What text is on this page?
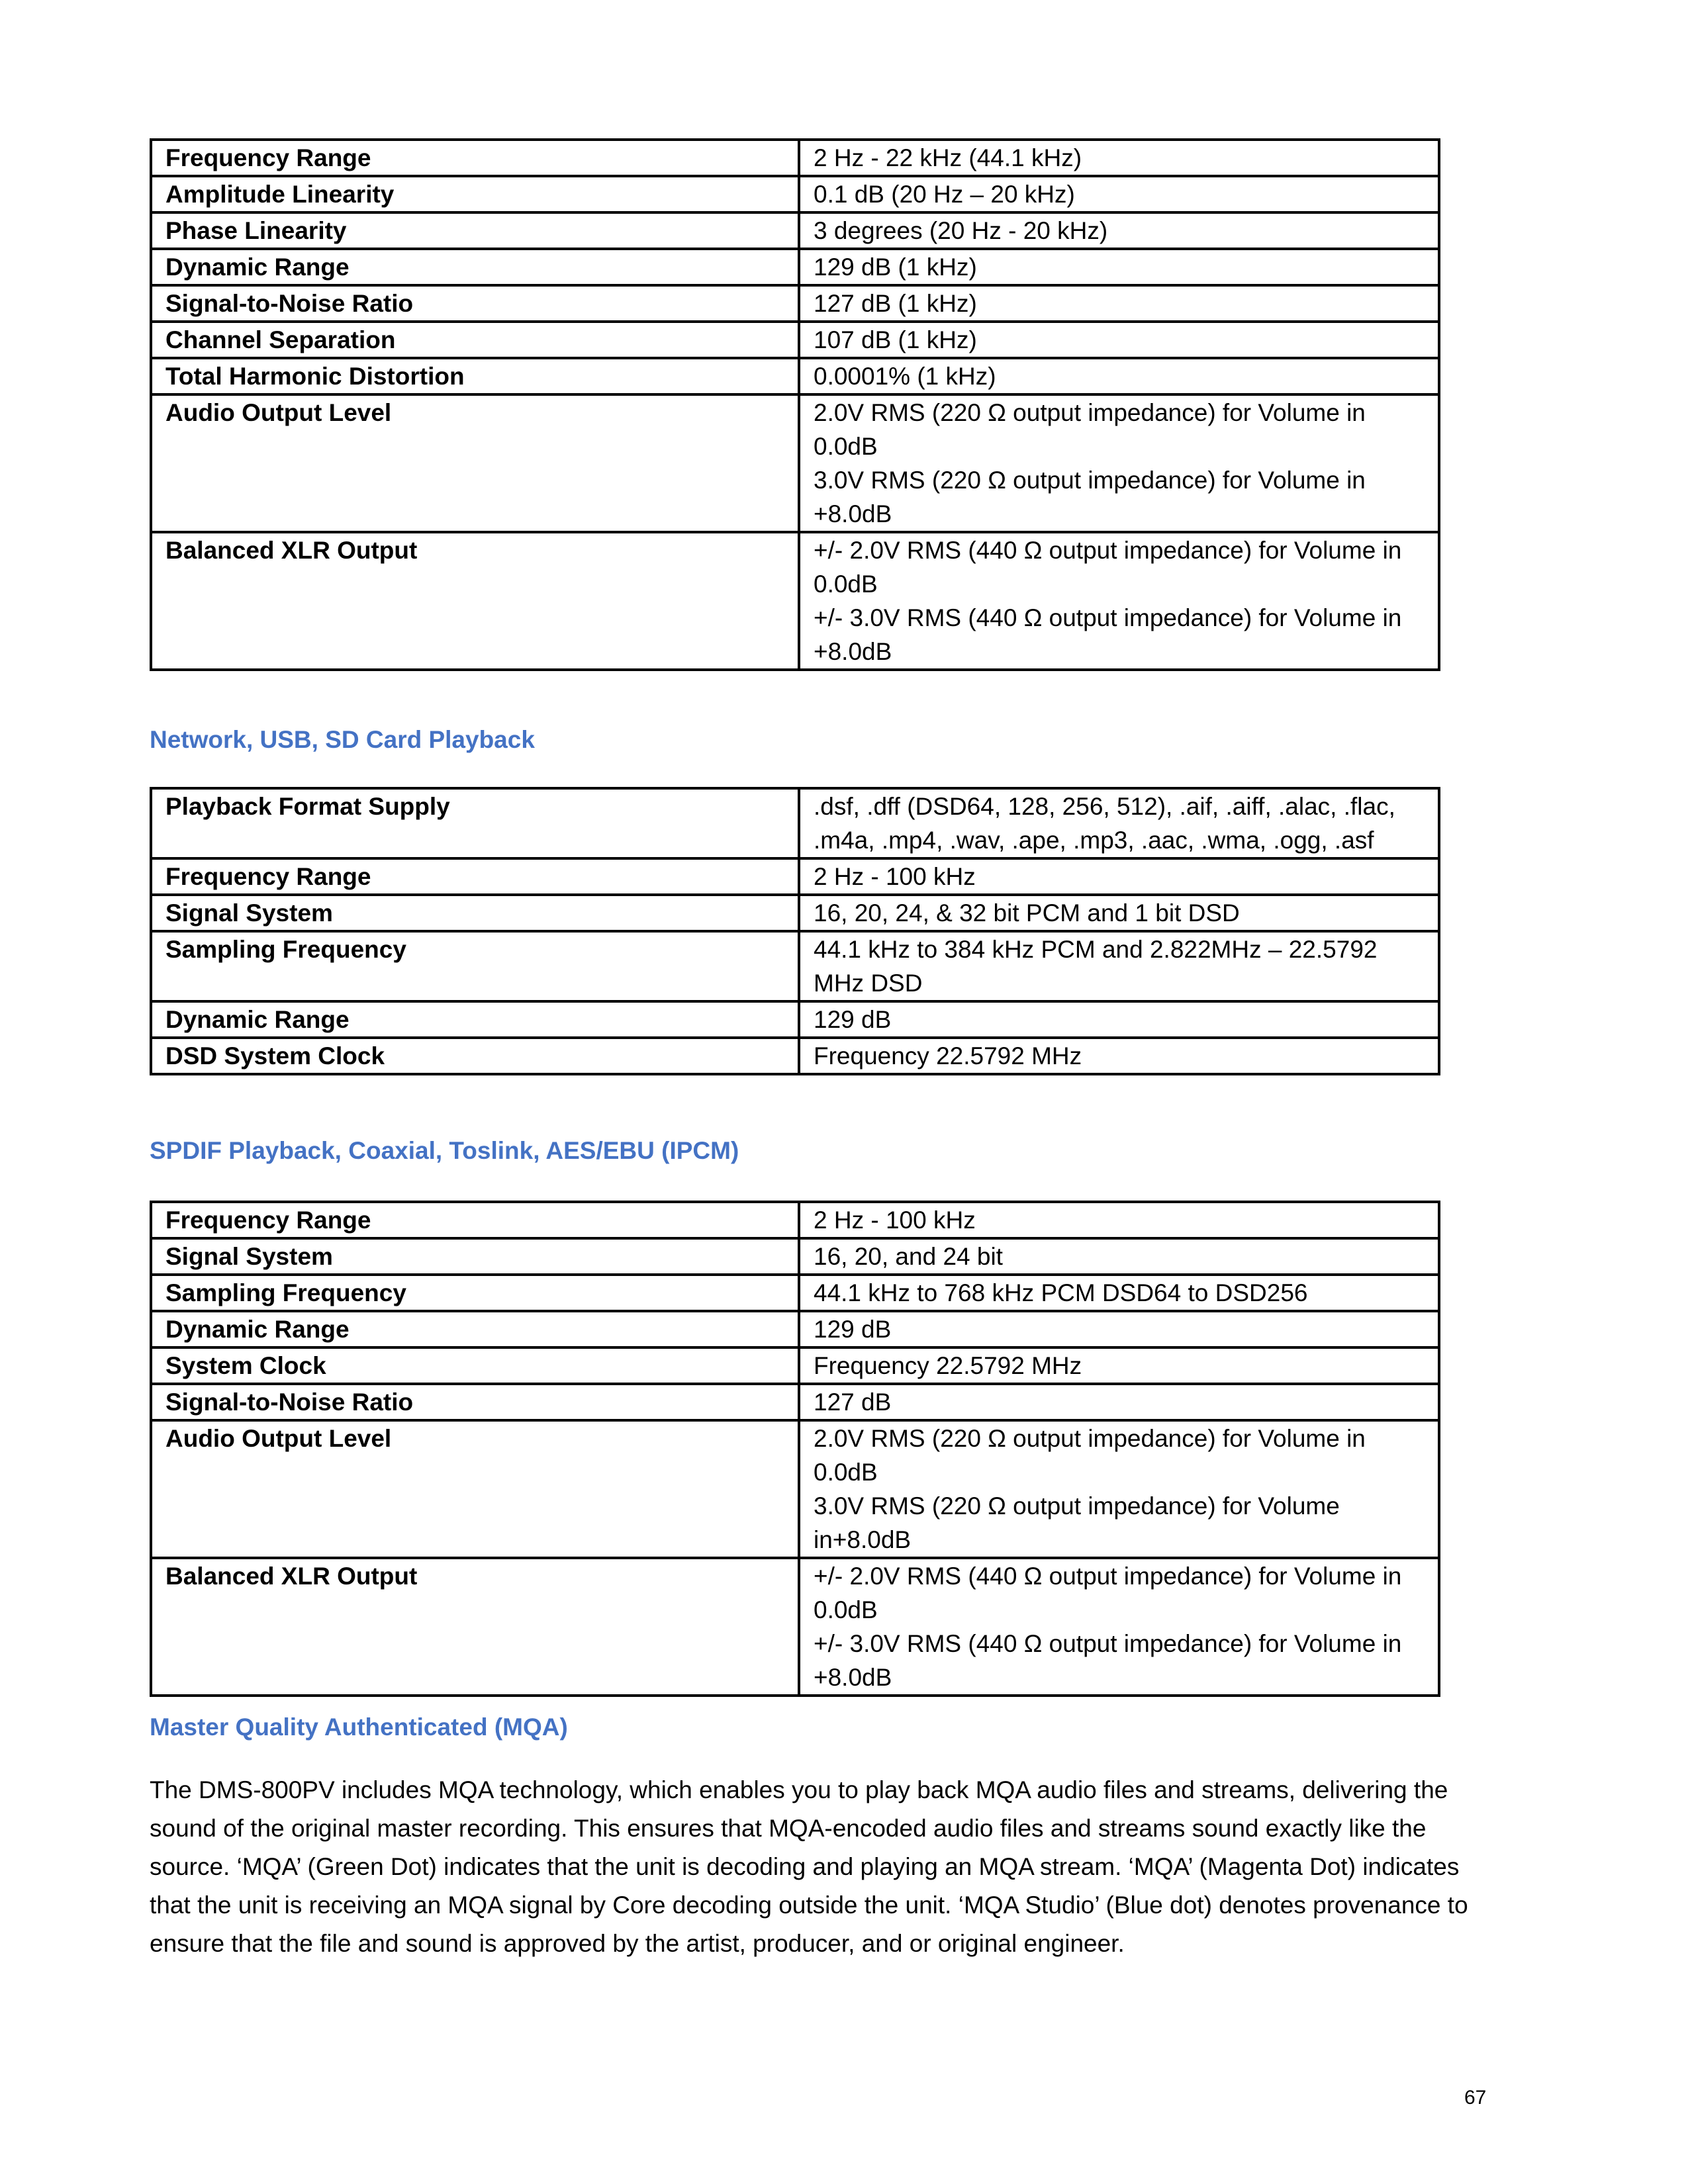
Frequency Range	2 Hz - 22 kHz (44.1 kHz)

Amplitude Linearity	0.1 dB (20 Hz – 20 kHz)

Phase Linearity	3 degrees (20 Hz - 20 kHz)

Dynamic Range	129 dB (1 kHz)

Signal-to-Noise Ratio	127 dB (1 kHz)

Channel Separation	107 dB (1 kHz)

Total Harmonic Distortion	0.0001% (1 kHz)

Audio Output Level	2.0V RMS (220 Ω output impedance) for Volume in
0.0dB
3.0V RMS (220 Ω output impedance) for Volume in
+8.0dB

Balanced XLR Output	+/- 2.0V RMS (440 Ω output impedance) for Volume in
0.0dB
+/- 3.0V RMS (440 Ω output impedance) for Volume in
+8.0dB
Network, USB, SD Card Playback
Playback Format Supply	.dsf, .dff (DSD64, 128, 256, 512), .aif, .aiff, .alac, .flac,
.m4a, .mp4, .wav, .ape, .mp3, .aac, .wma, .ogg, .asf

Frequency Range	2 Hz - 100 kHz

Signal System	16, 20, 24, & 32 bit PCM and 1 bit DSD

Sampling Frequency	44.1 kHz to 384 kHz PCM and 2.822MHz – 22.5792
MHz DSD

Dynamic Range	129 dB

DSD System Clock	Frequency 22.5792 MHz
SPDIF Playback, Coaxial, Toslink, AES/EBU (IPCM)
Frequency Range	2 Hz - 100 kHz

Signal System	16, 20, and 24 bit

Sampling Frequency	44.1 kHz to 768 kHz PCM DSD64 to DSD256

Dynamic Range	129 dB

System Clock	Frequency 22.5792 MHz

Signal-to-Noise Ratio	127 dB

Audio Output Level	2.0V RMS (220 Ω output impedance) for Volume in
0.0dB
3.0V RMS (220 Ω output impedance) for Volume
in+8.0dB

Balanced XLR Output	+/- 2.0V RMS (440 Ω output impedance) for Volume in
0.0dB
+/- 3.0V RMS (440 Ω output impedance) for Volume in
+8.0dB
Master Quality Authenticated (MQA)
The DMS-800PV includes MQA technology, which enables you to play back MQA audio files and streams, delivering the
sound of the original master recording. This ensures that MQA-encoded audio files and streams sound exactly like the
source. ‘MQA’ (Green Dot) indicates that the unit is decoding and playing an MQA stream. ‘MQA’ (Magenta Dot) indicates
that the unit is receiving an MQA signal by Core decoding outside the unit. ‘MQA Studio’ (Blue dot) denotes provenance to
ensure that the file and sound is approved by the artist, producer, and or original engineer.
67
